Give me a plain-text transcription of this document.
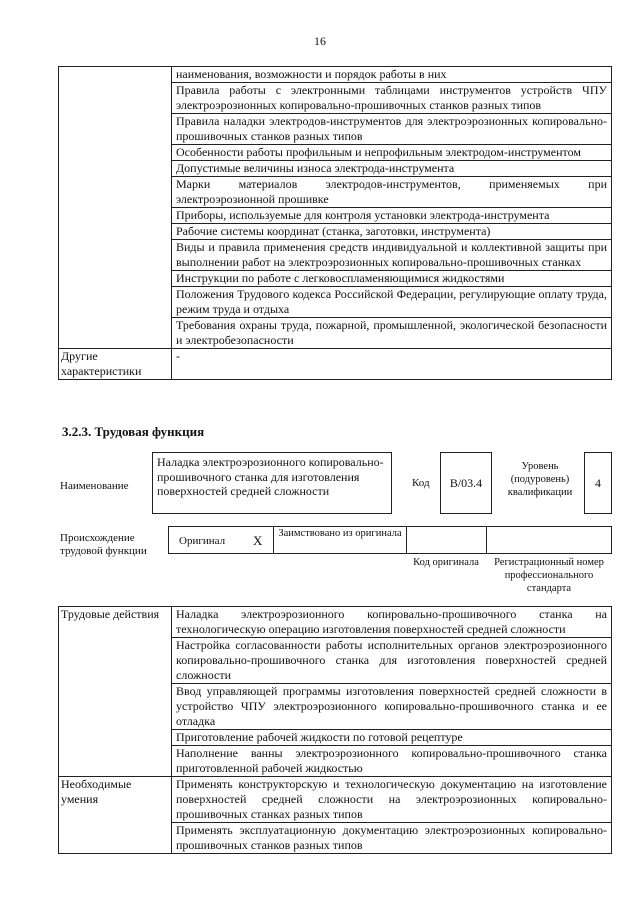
16
	наименования, возможности и порядок работы в них
	Правила работы с электронными таблицами инструментов устройств ЧПУ электроэрозионных копировально-прошивочных станков разных типов
	Правила наладки электродов-инструментов для электроэрозионных копировально-прошивочных станков разных типов
	Особенности работы профильным и непрофильным электродом-инструментом
	Допустимые величины износа электрода-инструмента
	Марки материалов электродов-инструментов, применяемых при электроэрозионной прошивке
	Приборы, используемые для контроля установки электрода-инструмента
	Рабочие системы координат (станка, заготовки, инструмента)
	Виды и правила применения средств индивидуальной и коллективной защиты при выполнении работ на электроэрозионных копировально-прошивочных станках
	Инструкции по работе с легковоспламеняющимися жидкостями
	Положения Трудового кодекса Российской Федерации, регулирующие оплату труда, режим труда и отдыха
	Требования охраны труда, пожарной, промышленной, экологической безопасности и электробезопасности
Другие характеристики	-
3.2.3. Трудовая функция
Наименование
Наладка электроэрозионного копировально-прошивочного станка для изготовления поверхностей средней сложности
Код	B/03.4
Уровень (подуровень) квалификации
4
Происхождение трудовой функции
Оригинал X	Заимствовано из оригинала
Код оригинала	Регистрационный номер профессионального стандарта
Трудовые действия	Наладка электроэрозионного копировально-прошивочного станка на технологическую операцию изготовления поверхностей средней сложности
	Настройка согласованности работы исполнительных органов электроэрозионного копировально-прошивочного станка для изготовления поверхностей средней сложности
	Ввод управляющей программы изготовления поверхностей средней сложности в устройство ЧПУ электроэрозионного копировально-прошивочного станка и ее отладка
	Приготовление рабочей жидкости по готовой рецептуре
	Наполнение ванны электроэрозионного копировально-прошивочного станка приготовленной рабочей жидкостью
Необходимые умения	Применять конструкторскую и технологическую документацию на изготовление поверхностей средней сложности на электроэрозионных копировально-прошивочных станках разных типов
	Применять эксплуатационную документацию электроэрозионных копировально-прошивочных станков разных типов
